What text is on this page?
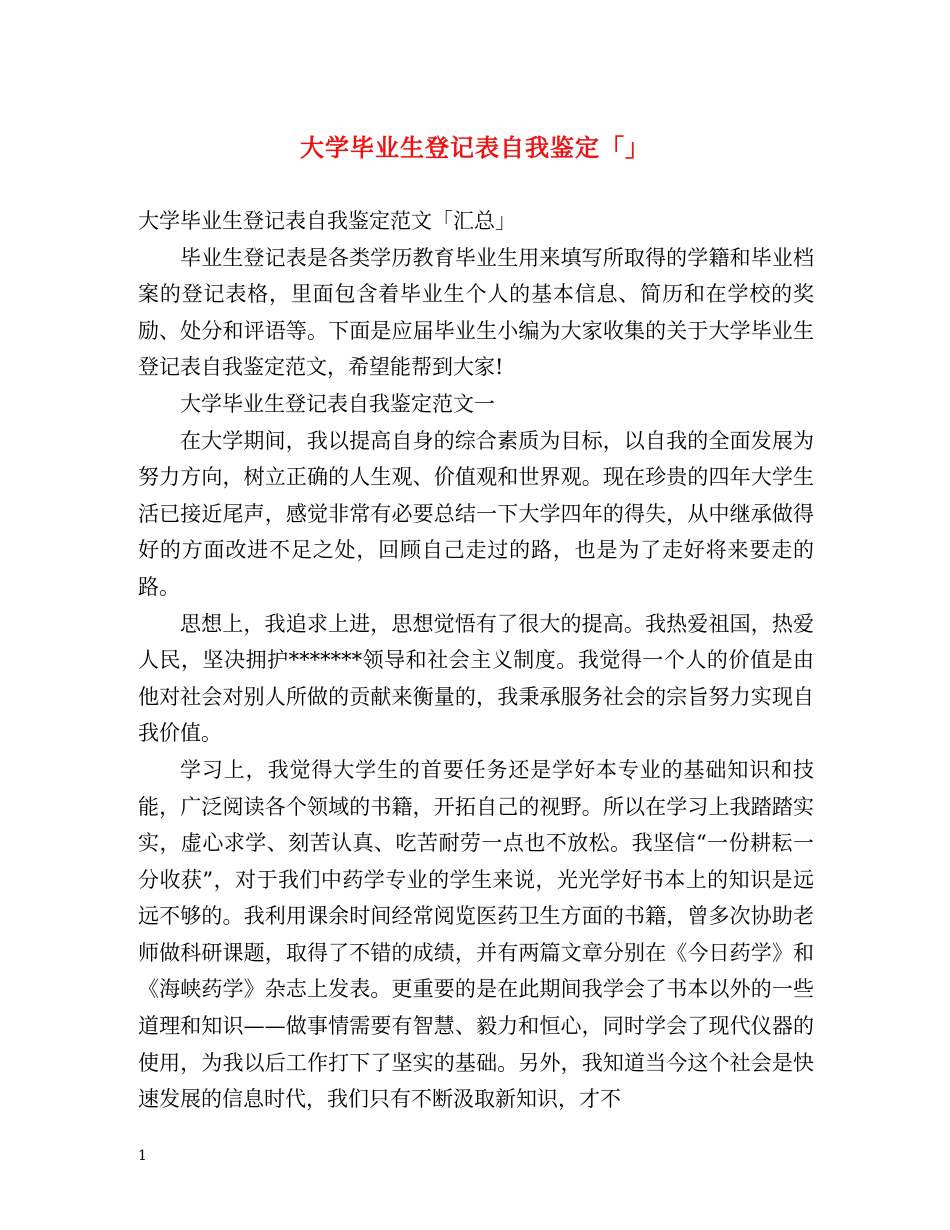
大学毕业生登记表自我鉴定「」

大学毕业生登记表自我鉴定范文「汇总」

毕业生登记表是各类学历教育毕业生用来填写所取得的学籍和毕业档案的登记表格，里面包含着毕业生个人的基本信息、简历和在学校的奖励、处分和评语等。下面是应届毕业生小编为大家收集的关于大学毕业生登记表自我鉴定范文，希望能帮到大家!

大学毕业生登记表自我鉴定范文一

在大学期间，我以提高自身的综合素质为目标，以自我的全面发展为努力方向，树立正确的人生观、价值观和世界观。现在珍贵的四年大学生活已接近尾声，感觉非常有必要总结一下大学四年的得失，从中继承做得好的方面改进不足之处，回顾自己走过的路，也是为了走好将来要走的路。

思想上，我追求上进，思想觉悟有了很大的提高。我热爱祖国，热爱人民，坚决拥护*******领导和社会主义制度。我觉得一个人的价值是由他对社会对别人所做的贡献来衡量的，我秉承服务社会的宗旨努力实现自我价值。

学习上，我觉得大学生的首要任务还是学好本专业的基础知识和技能，广泛阅读各个领域的书籍，开拓自己的视野。所以在学习上我踏踏实实，虚心求学、刻苦认真、吃苦耐劳一点也不放松。我坚信“一份耕耘一分收获”，对于我们中药学专业的学生来说，光光学好书本上的知识是远远不够的。我利用课余时间经常阅览医药卫生方面的书籍，曾多次协助老师做科研课题，取得了不错的成绩，并有两篇文章分别在《今日药学》和《海峡药学》杂志上发表。更重要的是在此期间我学会了书本以外的一些道理和知识——做事情需要有智慧、毅力和恒心，同时学会了现代仪器的使用，为我以后工作打下了坚实的基础。另外，我知道当今这个社会是快速发展的信息时代，我们只有不断汲取新知识，才不

1
